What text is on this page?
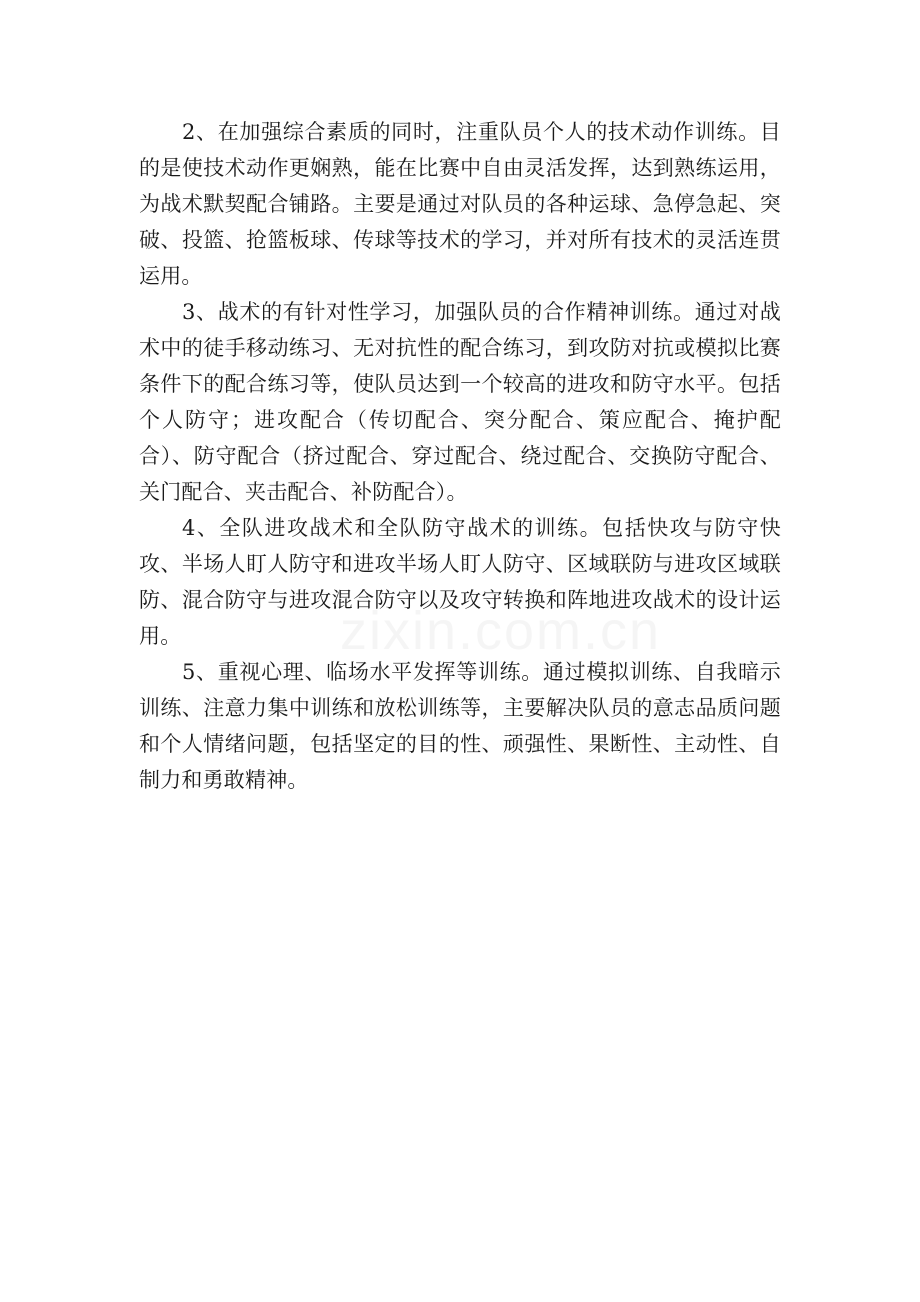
2、在加强综合素质的同时，注重队员个人的技术动作训练。目的是使技术动作更娴熟，能在比赛中自由灵活发挥，达到熟练运用，为战术默契配合铺路。主要是通过对队员的各种运球、急停急起、突破、投篮、抢篮板球、传球等技术的学习，并对所有技术的灵活连贯运用。

3、战术的有针对性学习，加强队员的合作精神训练。通过对战术中的徒手移动练习、无对抗性的配合练习，到攻防对抗或模拟比赛条件下的配合练习等，使队员达到一个较高的进攻和防守水平。包括个人防守；进攻配合（传切配合、突分配合、策应配合、掩护配合）、防守配合（挤过配合、穿过配合、绕过配合、交换防守配合、关门配合、夹击配合、补防配合）。

4、全队进攻战术和全队防守战术的训练。包括快攻与防守快攻、半场人盯人防守和进攻半场人盯人防守、区域联防与进攻区域联防、混合防守与进攻混合防守以及攻守转换和阵地进攻战术的设计运用。

5、重视心理、临场水平发挥等训练。通过模拟训练、自我暗示训练、注意力集中训练和放松训练等，主要解决队员的意志品质问题和个人情绪问题，包括坚定的目的性、顽强性、果断性、主动性、自制力和勇敢精神。

zixin.com.cn
